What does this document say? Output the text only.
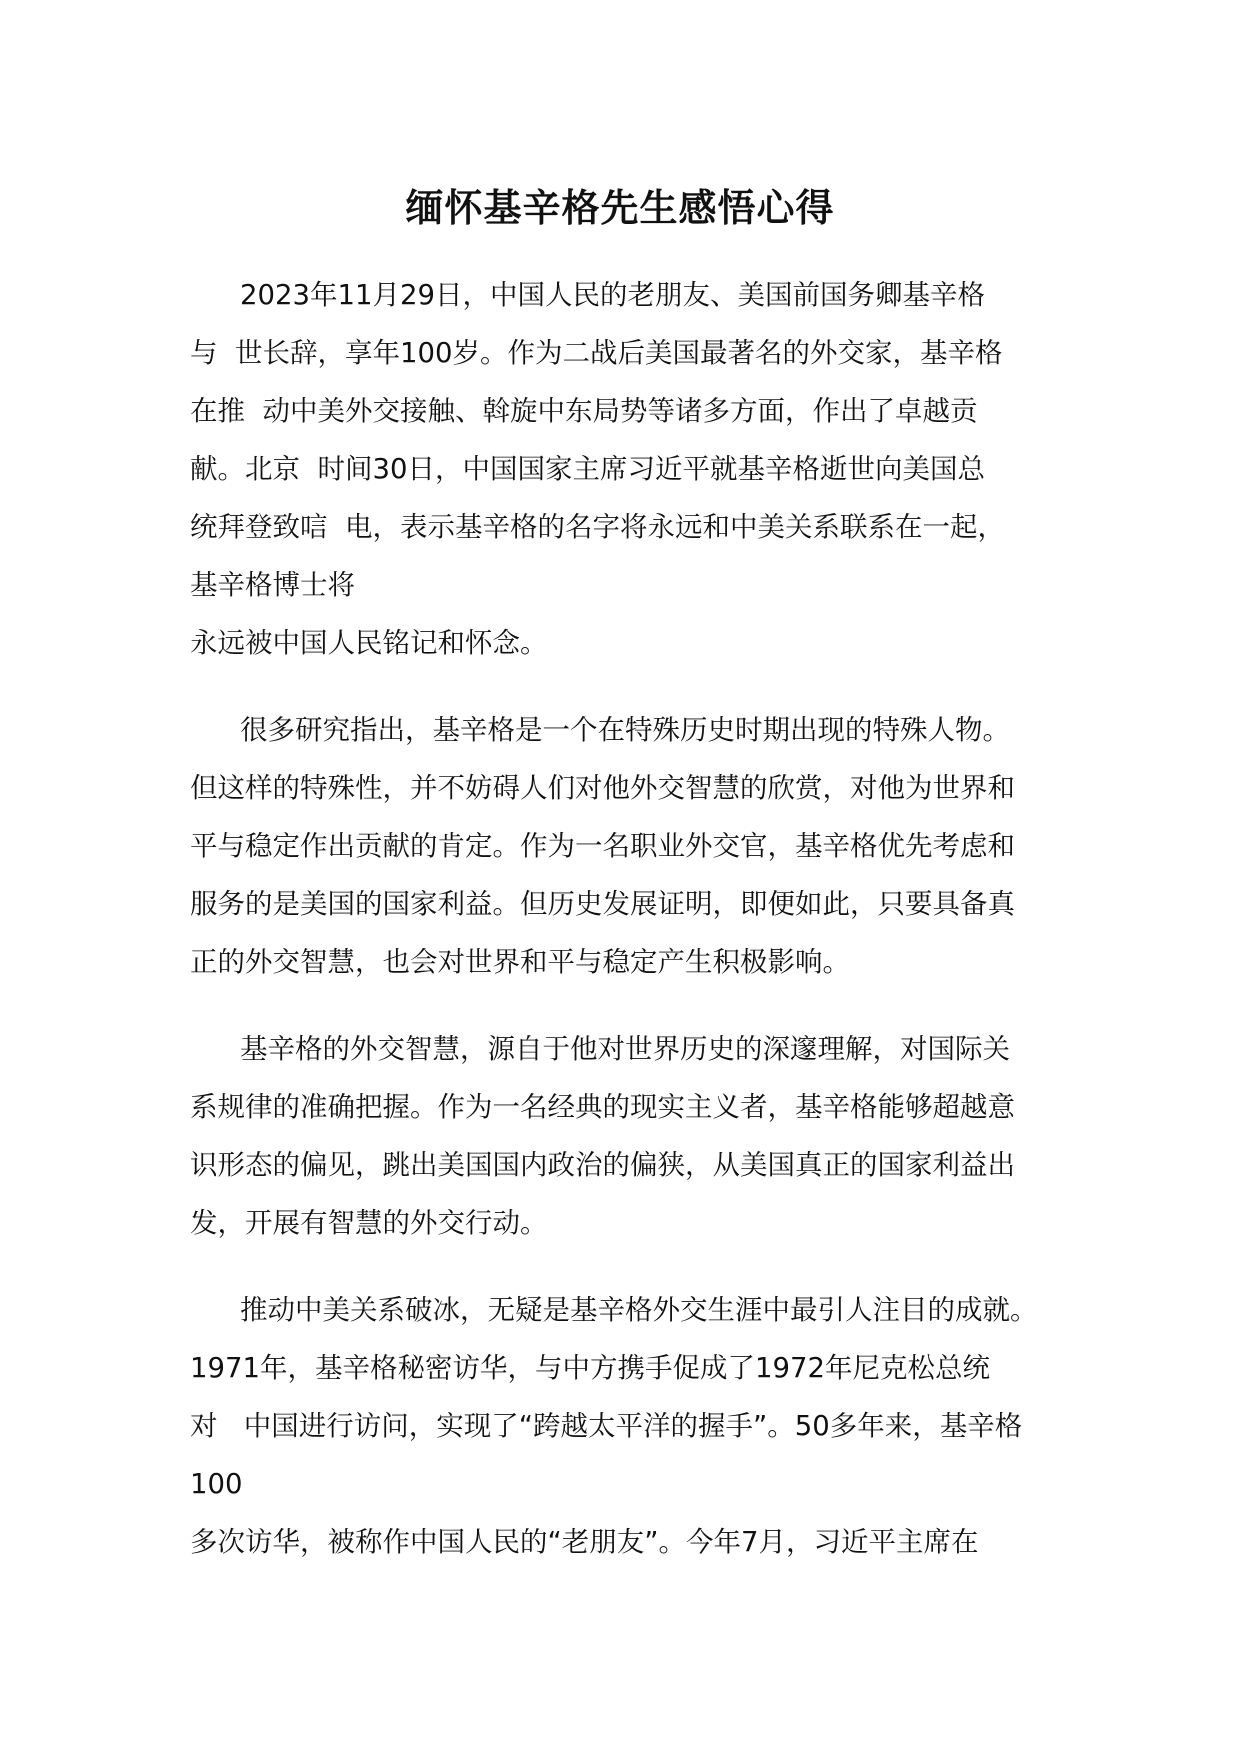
缅怀基辛格先生感悟心得
2023年11月29日，中国人民的老朋友、美国前国务卿基辛格
与  世长辞，享年100岁。作为二战后美国最著名的外交家，基辛格
在推  动中美外交接触、斡旋中东局势等诸多方面，作出了卓越贡
献。北京  时间30日，中国国家主席习近平就基辛格逝世向美国总
统拜登致唁  电，表示基辛格的名字将永远和中美关系联系在一起，
基辛格博士将
永远被中国人民铭记和怀念。
很多研究指出，基辛格是一个在特殊历史时期出现的特殊人物。
但这样的特殊性，并不妨碍人们对他外交智慧的欣赏，对他为世界和
平与稳定作出贡献的肯定。作为一名职业外交官，基辛格优先考虑和
服务的是美国的国家利益。但历史发展证明，即便如此，只要具备真
正的外交智慧，也会对世界和平与稳定产生积极影响。
基辛格的外交智慧，源自于他对世界历史的深邃理解，对国际关
系规律的准确把握。作为一名经典的现实主义者，基辛格能够超越意
识形态的偏见，跳出美国国内政治的偏狭，从美国真正的国家利益出
发，开展有智慧的外交行动。
推动中美关系破冰，无疑是基辛格外交生涯中最引人注目的成就。
1971年，基辛格秘密访华，与中方携手促成了1972年尼克松总统
对   中国进行访问，实现了“跨越太平洋的握手”。50多年来，基辛格
100
多次访华，被称作中国人民的“老朋友”。今年7月，习近平主席在
